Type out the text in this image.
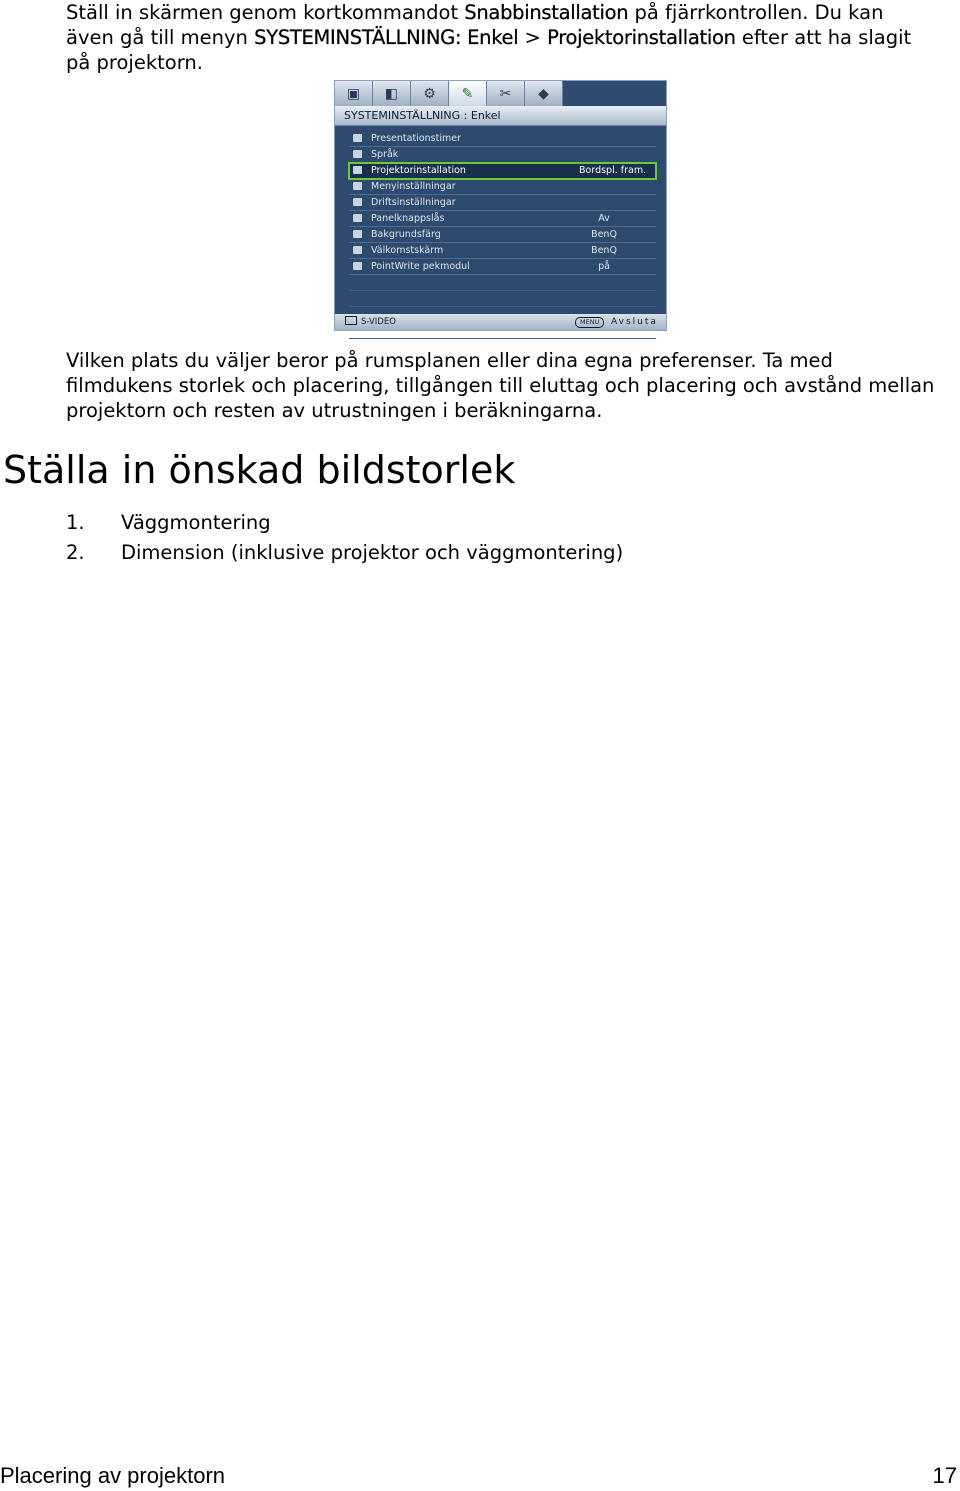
Ställ in skärmen genom kortkommandot Snabbinstallation på fjärrkontrollen. Du kan även gå till menyn SYSTEMINSTÄLLNING: Enkel > Projektorinstallation efter att ha slagit på projektorn.

▣	◧	⚙	✎	✂	◆
SYSTEMINSTÄLLNING : Enkel
Presentationstimer
Språk
Projektorinstallation	Bordspl. fram.
Menyinställningar
Driftsinställningar
Panelknappslås	Av
Bakgrundsfärg	BenQ
Välkomstskärm	BenQ
PointWrite pekmodul	på
S-VIDEO	MENU	Avsluta

Vilken plats du väljer beror på rumsplanen eller dina egna preferenser. Ta med filmdukens storlek och placering, tillgången till eluttag och placering och avstånd mellan projektorn och resten av utrustningen i beräkningarna.

Ställa in önskad bildstorlek
1. Väggmontering
2. Dimension (inklusive projektor och väggmontering)
Placering av projektorn	17
